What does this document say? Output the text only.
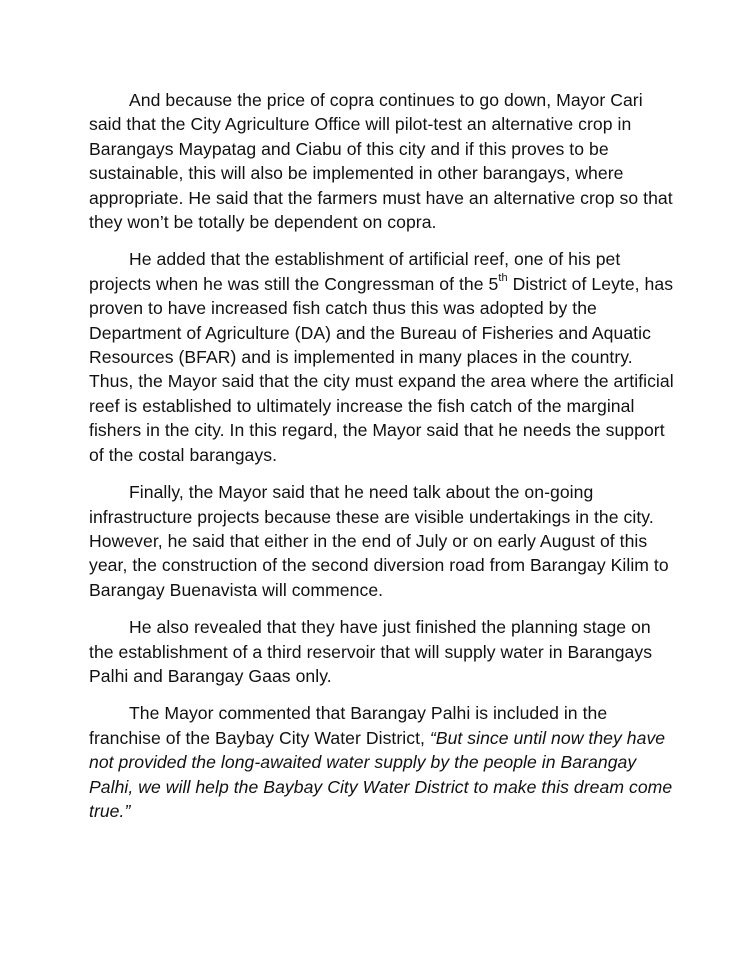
And because the price of copra continues to go down, Mayor Cari said that the City Agriculture Office will pilot-test an alternative crop in Barangays Maypatag and Ciabu of this city and if this proves to be sustainable, this will also be implemented in other barangays, where appropriate. He said that the farmers must have an alternative crop so that they won’t be totally be dependent on copra.

He added that the establishment of artificial reef, one of his pet projects when he was still the Congressman of the 5th District of Leyte, has proven to have increased fish catch thus this was adopted by the Department of Agriculture (DA) and the Bureau of Fisheries and Aquatic Resources (BFAR) and is implemented in many places in the country. Thus, the Mayor said that the city must expand the area where the artificial reef is established to ultimately increase the fish catch of the marginal fishers in the city. In this regard, the Mayor said that he needs the support of the costal barangays.

Finally, the Mayor said that he need talk about the on-going infrastructure projects because these are visible undertakings in the city. However, he said that either in the end of July or on early August of this year, the construction of the second diversion road from Barangay Kilim to Barangay Buenavista will commence.

He also revealed that they have just finished the planning stage on the establishment of a third reservoir that will supply water in Barangays Palhi and Barangay Gaas only.

The Mayor commented that Barangay Palhi is included in the franchise of the Baybay City Water District, “But since until now they have not provided the long-awaited water supply by the people in Barangay Palhi, we will help the Baybay City Water District to make this dream come true.”
